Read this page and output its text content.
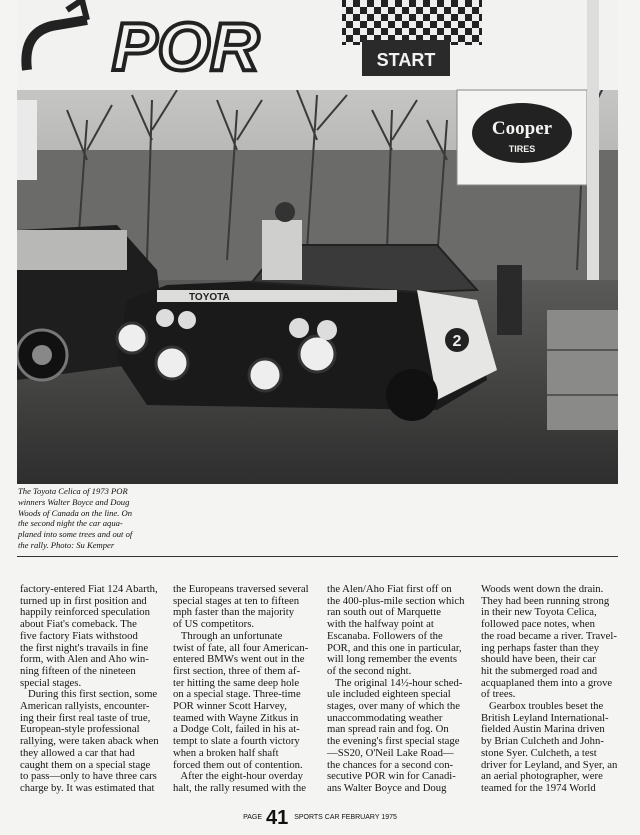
POR	START
Cooper
TIRES
TOYOTA
2
The Toyota Celica of 1973 POR
winners Walter Boyce and Doug
Woods of Canada on the line. On
the second night the car aqua-
planed into some trees and out of
the rally. Photo: Su Kemper
factory-entered Fiat 124 Abarth,
turned up in first position and
happily reinforced speculation
about Fiat's comeback. The
five factory Fiats withstood
the first night's travails in fine
form, with Alen and Aho win-
ning fifteen of the nineteen
special stages.
During this first section, some
American rallyists, encounter-
ing their first real taste of true,
European-style professional
rallying, were taken aback when
they allowed a car that had
caught them on a special stage
to pass—only to have three cars
charge by. It was estimated that
the Europeans traversed several
special stages at ten to fifteen
mph faster than the majority
of US competitors.
Through an unfortunate
twist of fate, all four American-
entered BMWs went out in the
first section, three of them af-
ter hitting the same deep hole
on a special stage. Three-time
POR winner Scott Harvey,
teamed with Wayne Zitkus in
a Dodge Colt, failed in his at-
tempt to slate a fourth victory
when a broken half shaft
forced them out of contention.
After the eight-hour overday
halt, the rally resumed with the
the Alen/Aho Fiat first off on
the 400-plus-mile section which
ran south out of Marquette
with the halfway point at
Escanaba. Followers of the
POR, and this one in particular,
will long remember the events
of the second night.
The original 14½-hour sched-
ule included eighteen special
stages, over many of which the
unaccommodating weather
man spread rain and fog. On
the evening's first special stage
—SS20, O'Neil Lake Road—
the chances for a second con-
secutive POR win for Canadi-
ans Walter Boyce and Doug
Woods went down the drain.
They had been running strong
in their new Toyota Celica,
followed pace notes, when
the road became a river. Travel-
ing perhaps faster than they
should have been, their car
hit the submerged road and
acquaplaned them into a grove
of trees.
Gearbox troubles beset the
British Leyland International-
fielded Austin Marina driven
by Brian Culcheth and John-
stone Syer. Culcheth, a test
driver for Leyland, and Syer, an
an aerial photographer, were
teamed for the 1974 World
PAGE 41 SPORTS CAR FEBRUARY 1975
